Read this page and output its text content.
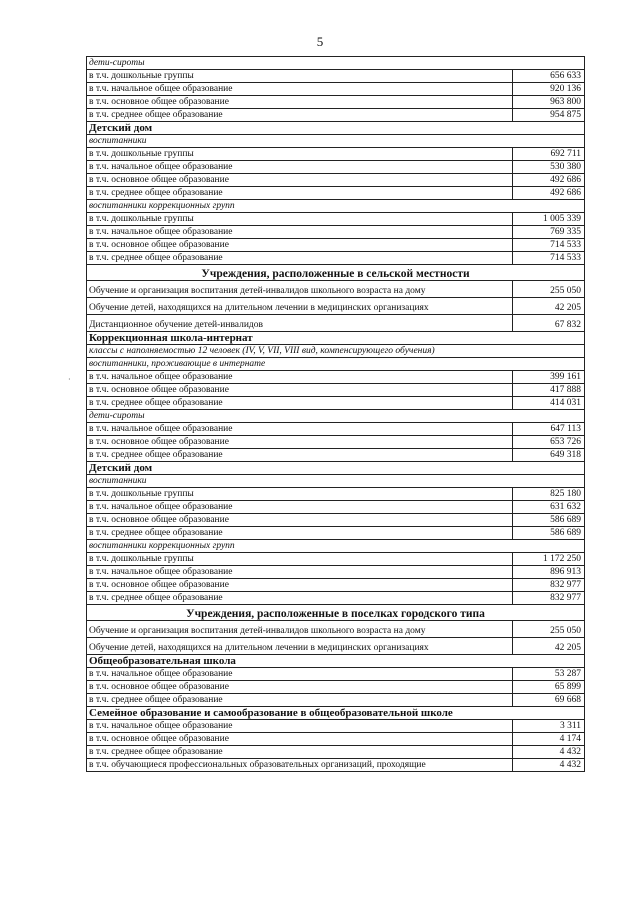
5
·
дети-сироты	
в т.ч. дошкольные группы	656 633
в т.ч. начальное общее образование	920 136
в т.ч. основное общее образование	963 800
в т.ч. среднее общее образование	954 875
Детский дом	
воспитанники	
в т.ч. дошкольные группы	692 711
в т.ч. начальное общее образование	530 380
в т.ч. основное общее образование	492 686
в т.ч. среднее общее образование	492 686
воспитанники коррекционных групп	
в т.ч. дошкольные группы	1 005 339
в т.ч. начальное общее образование	769 335
в т.ч. основное общее образование	714 533
в т.ч. среднее общее образование	714 533
Учреждения, расположенные в сельской местности	
Обучение и организация воспитания детей-инвалидов школьного возраста на дому	255 050
Обучение детей, находящихся на длительном лечении в медицинских организациях	42 205
Дистанционное обучение детей-инвалидов	67 832
Коррекционная школа-интернат	
классы с наполняемостью 12 человек (IV, V, VII, VIII вид, компенсирующего обучения)	
воспитанники, проживающие в интернате	
в т.ч. начальное общее образование	399 161
в т.ч. основное общее образование	417 888
в т.ч. среднее общее образование	414 031
дети-сироты	
в т.ч. начальное общее образование	647 113
в т.ч. основное общее образование	653 726
в т.ч. среднее общее образование	649 318
Детский дом	
воспитанники	
в т.ч. дошкольные группы	825 180
в т.ч. начальное общее образование	631 632
в т.ч. основное общее образование	586 689
в т.ч. среднее общее образование	586 689
воспитанники коррекционных групп	
в т.ч. дошкольные группы	1 172 250
в т.ч. начальное общее образование	896 913
в т.ч. основное общее образование	832 977
в т.ч. среднее общее образование	832 977
Учреждения, расположенные в поселках городского типа	
Обучение и организация воспитания детей-инвалидов школьного возраста на дому	255 050
Обучение детей, находящихся на длительном лечении в медицинских организациях	42 205
Общеобразовательная школа	
в т.ч. начальное общее образование	53 287
в т.ч. основное общее образование	65 899
в т.ч. среднее общее образование	69 668
Семейное образование и самообразование в общеобразовательной школе	
в т.ч. начальное общее образование	3 311
в т.ч. основное общее образование	4 174
в т.ч. среднее общее образование	4 432
в т.ч. обучающиеся профессиональных образовательных организаций, проходящие	4 432
